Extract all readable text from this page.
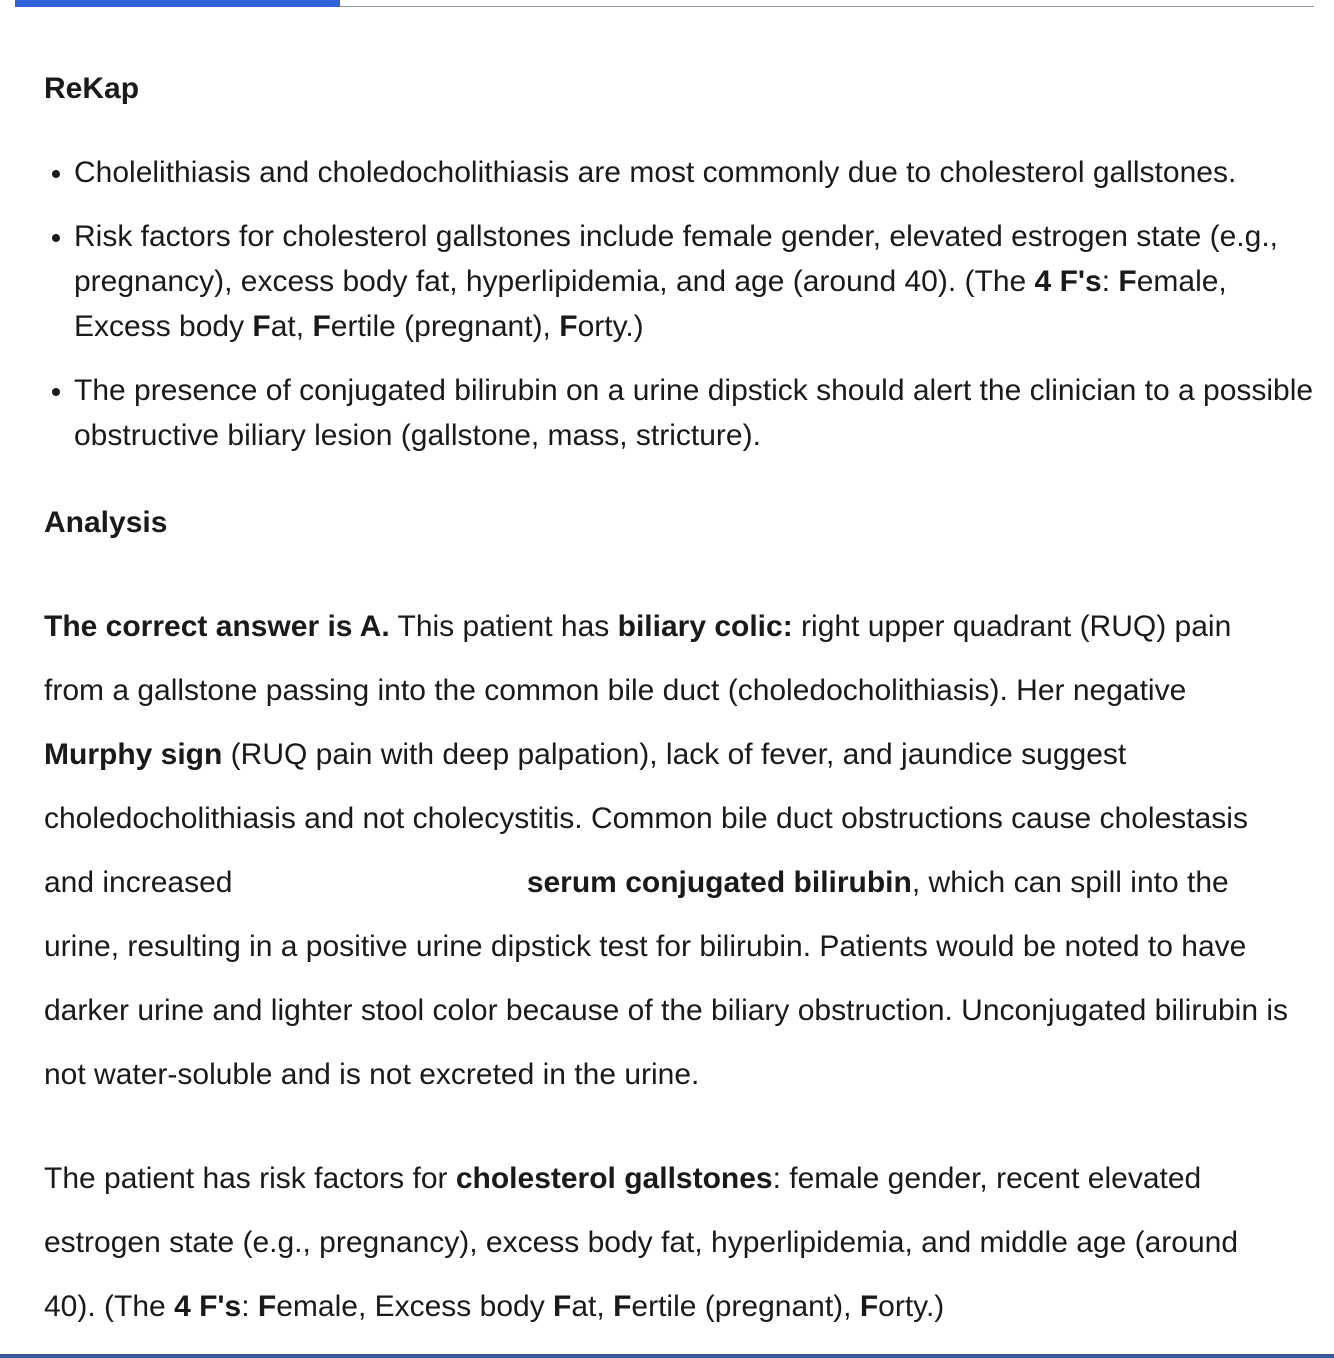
ReKap
Cholelithiasis and choledocholithiasis are most commonly due to cholesterol gallstones.
Risk factors for cholesterol gallstones include female gender, elevated estrogen state (e.g., pregnancy), excess body fat, hyperlipidemia, and age (around 40). (The 4 F's: Female, Excess body Fat, Fertile (pregnant), Forty.)
The presence of conjugated bilirubin on a urine dipstick should alert the clinician to a possible obstructive biliary lesion (gallstone, mass, stricture).
Analysis

The correct answer is A. This patient has biliary colic: right upper quadrant (RUQ) pain from a gallstone passing into the common bile duct (choledocholithiasis). Her negative Murphy sign (RUQ pain with deep palpation), lack of fever, and jaundice suggest choledocholithiasis and not cholecystitis. Common bile duct obstructions cause cholestasis and increased	serum conjugated bilirubin, which can spill into the urine, resulting in a positive urine dipstick test for bilirubin. Patients would be noted to have darker urine and lighter stool color because of the biliary obstruction. Unconjugated bilirubin is not water-soluble and is not excreted in the urine.

The patient has risk factors for cholesterol gallstones: female gender, recent elevated estrogen state (e.g., pregnancy), excess body fat, hyperlipidemia, and middle age (around 40). (The 4 F's: Female, Excess body Fat, Fertile (pregnant), Forty.)
